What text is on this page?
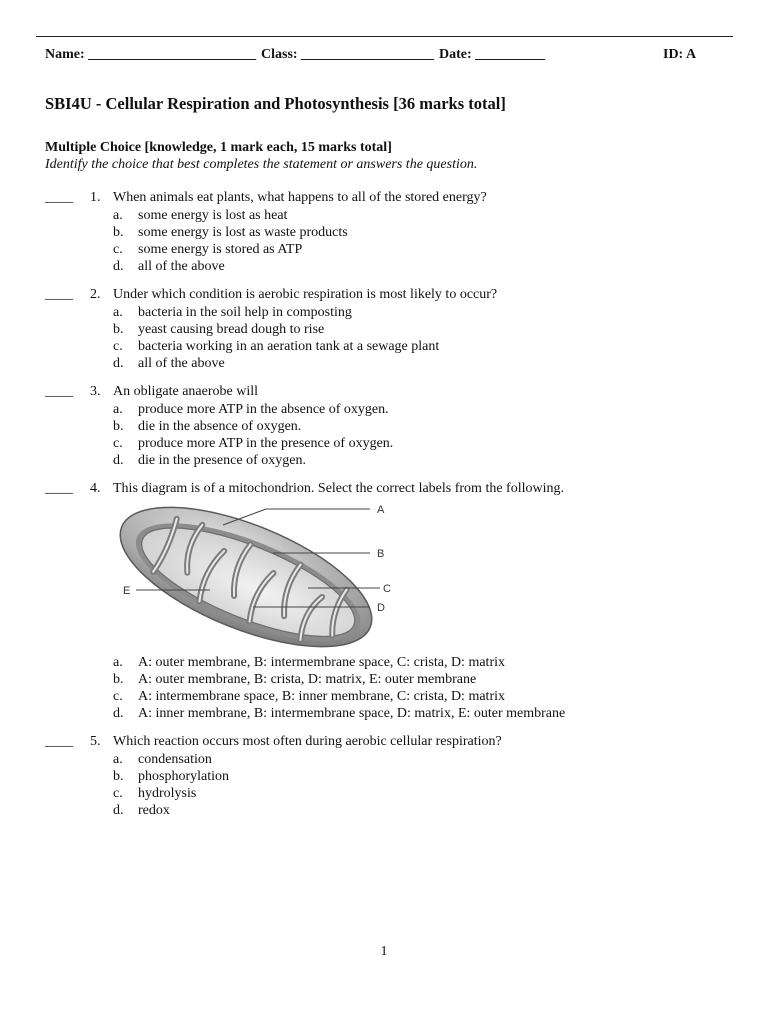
Name: ________________________ Class: ___________________ Date: __________	ID: A
SBI4U - Cellular Respiration and Photosynthesis [36 marks total]
Multiple Choice [knowledge, 1 mark each, 15 marks total]
Identify the choice that best completes the statement or answers the question.
____ 1. When animals eat plants, what happens to all of the stored energy?
a. some energy is lost as heat
b. some energy is lost as waste products
c. some energy is stored as ATP
d. all of the above
____ 2. Under which condition is aerobic respiration is most likely to occur?
a. bacteria in the soil help in composting
b. yeast causing bread dough to rise
c. bacteria working in an aeration tank at a sewage plant
d. all of the above
____ 3. An obligate anaerobe will
a. produce more ATP in the absence of oxygen.
b. die in the absence of oxygen.
c. produce more ATP in the presence of oxygen.
d. die in the presence of oxygen.
____ 4. This diagram is of a mitochondrion. Select the correct labels from the following.
a. A: outer membrane, B: intermembrane space, C: crista, D: matrix
b. A: outer membrane, B: crista, D: matrix, E: outer membrane
c. A: intermembrane space, B: inner membrane, C: crista, D: matrix
d. A: inner membrane, B: intermembrane space, D: matrix, E: outer membrane
A
B
C
D
E
____ 5. Which reaction occurs most often during aerobic cellular respiration?
a. condensation
b. phosphorylation
c. hydrolysis
d. redox
1
